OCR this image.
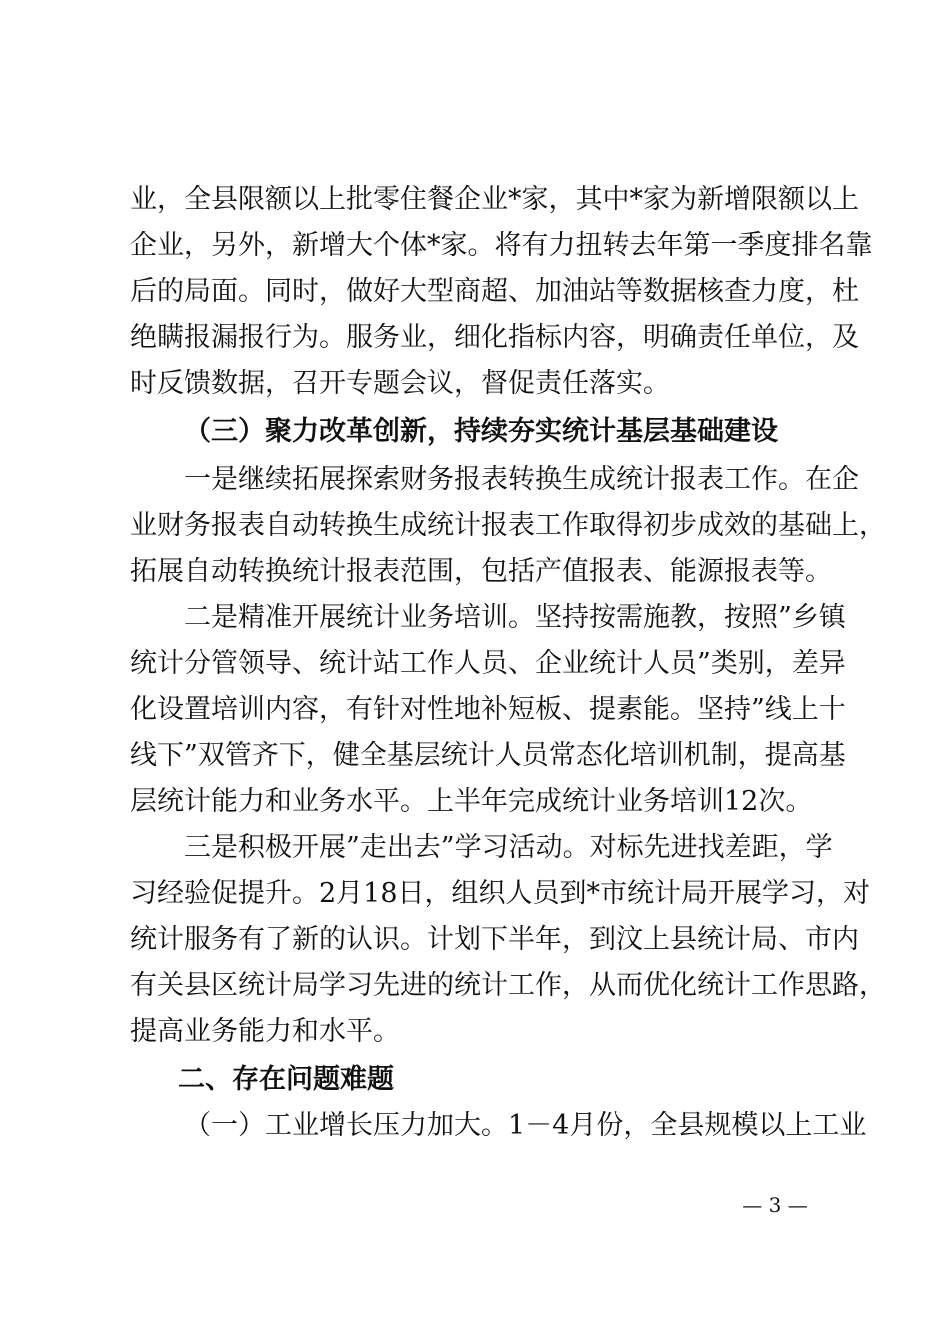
业，全县限额以上批零住餐企业*家，其中*家为新增限额以上
企业，另外，新增大个体*家。将有力扭转去年第一季度排名靠
后的局面。同时，做好大型商超、加油站等数据核查力度，杜
绝瞒报漏报行为。服务业，细化指标内容，明确责任单位，及
时反馈数据，召开专题会议，督促责任落实。
（三）聚力改革创新，持续夯实统计基层基础建设
一是继续拓展探索财务报表转换生成统计报表工作。在企
业财务报表自动转换生成统计报表工作取得初步成效的基础上，
拓展自动转换统计报表范围，包括产值报表、能源报表等。
二是精准开展统计业务培训。坚持按需施教，按照”乡镇
统计分管领导、统计站工作人员、企业统计人员”类别，差异
化设置培训内容，有针对性地补短板、提素能。坚持”线上十
线下”双管齐下，健全基层统计人员常态化培训机制，提高基
层统计能力和业务水平。上半年完成统计业务培训12次。
三是积极开展”走出去”学习活动。对标先进找差距，学
习经验促提升。2月18日，组织人员到*市统计局开展学习，对
统计服务有了新的认识。计划下半年，到汶上县统计局、市内
有关县区统计局学习先进的统计工作，从而优化统计工作思路，
提高业务能力和水平。
二、存在问题难题
（一）工业增长压力加大。1－4月份，全县规模以上工业
— 3 —
